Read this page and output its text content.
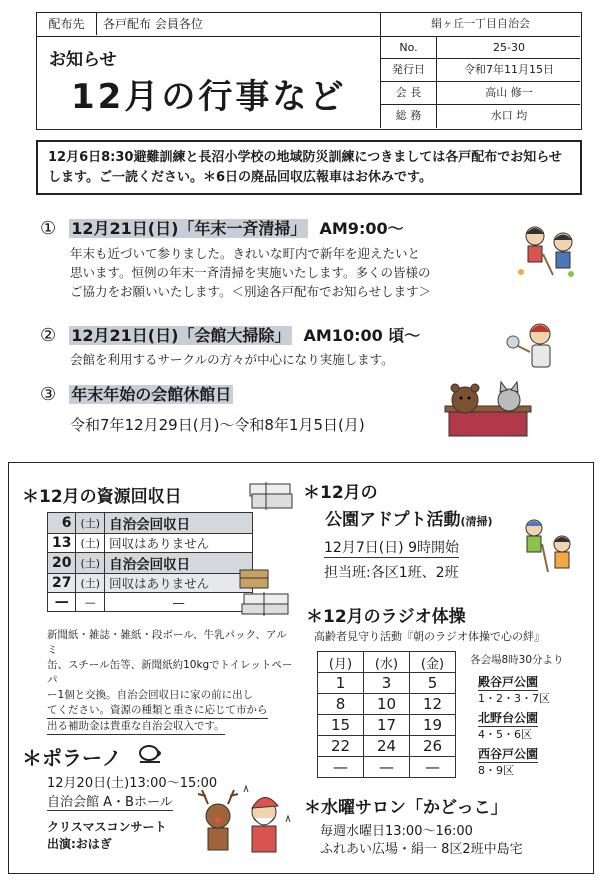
配布先	各戸配布 会員各位
お知らせ
12月の行事など
絹ヶ丘一丁目自治会
No.	25-30
発行日	令和7年11月15日
会 長	高山 修一
総 務	水口 均
12月6日8:30避難訓練と長沼小学校の地域防災訓練につきましては各戸配布でお知らせします。ご一読ください。＊6日の廃品回収広報車はお休みです。
① 12月21日(日)「年末一斉清掃」 AM9:00～
年末も近づいて参りました。きれいな町内で新年を迎えたいと
思います。恒例の年末一斉清掃を実施いたします。多くの皆様の
ご協力をお願いいたします。＜別途各戸配布でお知らせします＞
② 12月21日(日)「会館大掃除」 AM10:00 頃～
会館を利用するサークルの方々が中心になり実施します。
③ 年末年始の会館休館日
令和7年12月29日(月)～令和8年1月5日(月)
＊12月の資源回収日
6	(土)	自治会回収日
13	(土)	回収はありません
20	(土)	自治会回収日
27	(土)	回収はありません
—	—	—
新聞紙・雑誌・雑紙・段ボール、牛乳パック、アルミ
缶、スチール缶等、新聞紙約10kgでトイレットペーパ
ー1個と交換。自治会回収日に家の前に出し
てください。資源の種類と重さに応じて市から 出る補助金は貴重な自治会収入です。
＊12月の
公園アドプト活動(清掃)
12月7日(日) 9時開始
担当班:各区1班、2班
＊12月のラジオ体操
高齢者見守り活動『朝のラジオ体操で心の絆』
(月)	(水)	(金)
1	3	5
8	10	12
15	17	19
22	24	26
—	—	—
各会場8時30分より
殿谷戸公園
1・2・3・7区
北野台公園
4・5・6区
西谷戸公園
8・9区
＊ポラーノ
12月20日(土)13:00～15:00
自治会館 A・Bホール
クリスマスコンサート
出演:おはぎ
＊水曜サロン「かどっこ」
毎週水曜日13:00～16:00
ふれあい広場・絹一 8区2班中島宅
